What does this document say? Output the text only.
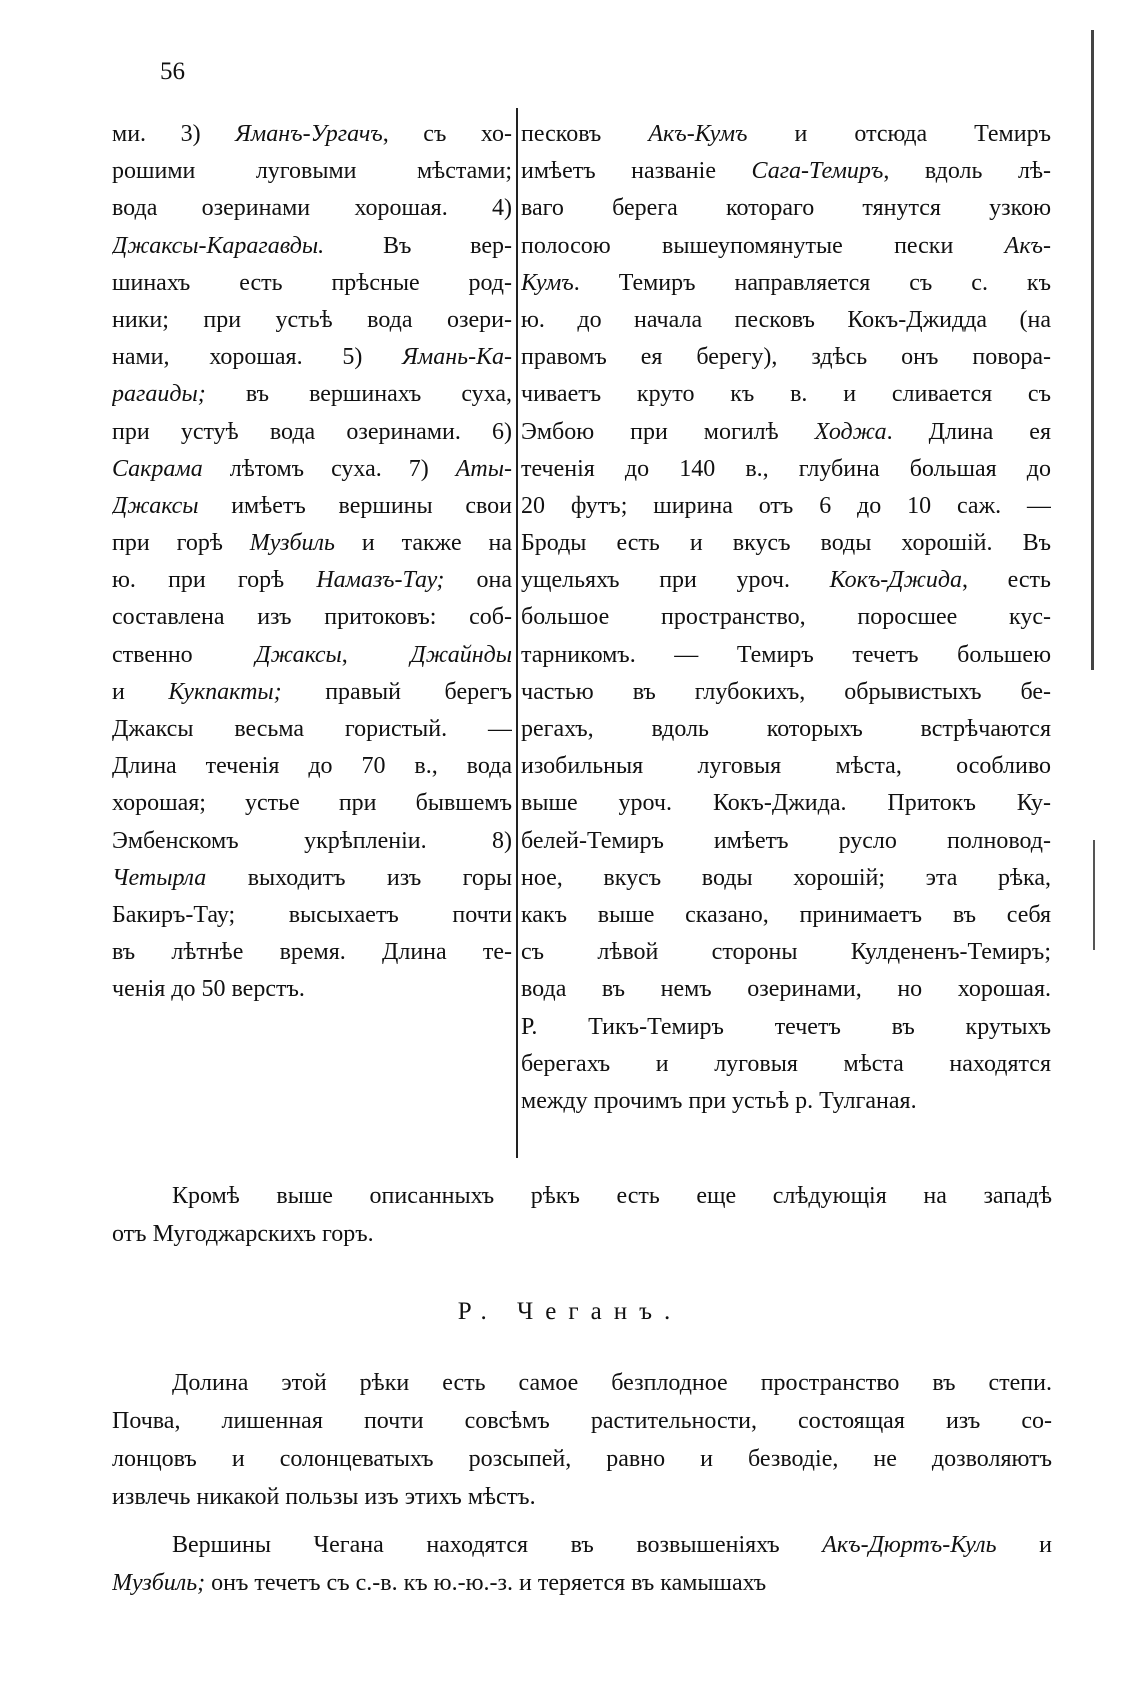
56
ми. 3) Яманъ-Ургачъ, съ хо-
рошими луговыми мѣстами;
вода озеринами хорошая. 4)
Джаксы-Карагавды. Въ вер-
шинахъ есть прѣсные род-
ники; при устьѣ вода озери-
нами, хорошая. 5) Ямань-Ка-
рагаиды; въ вершинахъ суха,
при устуѣ вода озеринами. 6)
Сакрама лѣтомъ суха. 7) Аты-
Джаксы имѣетъ вершины свои
при горѣ Музбиль и также на
ю. при горѣ Намазъ-Тау; она
составлена изъ притоковъ: соб-
ственно Джаксы, Джайнды
и Кукпакты; правый берегъ
Джаксы весьма гористый. —
Длина теченія до 70 в., вода
хорошая; устье при бывшемъ
Эмбенскомъ укрѣпленіи. 8)
Четырла выходитъ изъ горы
Бакиръ-Тау; высыхаетъ почти
въ лѣтнѣе время. Длина те-
ченія до 50 верстъ.
песковъ Акъ-Кумъ и отсюда Темиръ
имѣетъ названіе Сага-Темиръ, вдоль лѣ-
ваго берега котораго тянутся узкою
полосою вышеупомянутые пески Акъ-
Кумъ. Темиръ направляется съ с. къ
ю. до начала песковъ Кокъ-Джидда (на
правомъ ея берегу), здѣсь онъ повора-
чиваетъ круто къ в. и сливается съ
Эмбою при могилѣ Ходжа. Длина ея
теченія до 140 в., глубина большая до
20 футъ; ширина отъ 6 до 10 саж. —
Броды есть и вкусъ воды хорошій. Въ
ущельяхъ при уроч. Кокъ-Джида, есть
большое пространство, поросшее кус-
тарникомъ. — Темиръ течетъ большею
частью въ глубокихъ, обрывистыхъ бе-
регахъ, вдоль которыхъ встрѣчаются
изобильныя луговыя мѣста, особливо
выше уроч. Кокъ-Джида. Притокъ Ку-
белей-Темиръ имѣетъ русло полновод-
ное, вкусъ воды хорошій; эта рѣка,
какъ выше сказано, принимаетъ въ себя
съ лѣвой стороны Кулдененъ-Темиръ;
вода въ немъ озеринами, но хорошая.
Р. Тикъ-Темиръ течетъ въ крутыхъ
берегахъ и луговыя мѣста находятся
между прочимъ при устьѣ р. Тулганая.
Кромѣ выше описанныхъ рѣкъ есть еще слѣдующія на западѣ
отъ Мугоджарскихъ горъ.
Р. Чеганъ.
Долина этой рѣки есть самое безплодное пространство въ степи.
Почва, лишенная почти совсѣмъ растительности, состоящая изъ со-
лонцовъ и солонцеватыхъ розсыпей, равно и безводіе, не дозволяютъ
извлечь никакой пользы изъ этихъ мѣстъ.
Вершины Чегана находятся въ возвышеніяхъ Акъ-Дюртъ-Куль и
Музбиль; онъ течетъ съ с.-в. къ ю.-ю.-з. и теряется въ камышахъ
